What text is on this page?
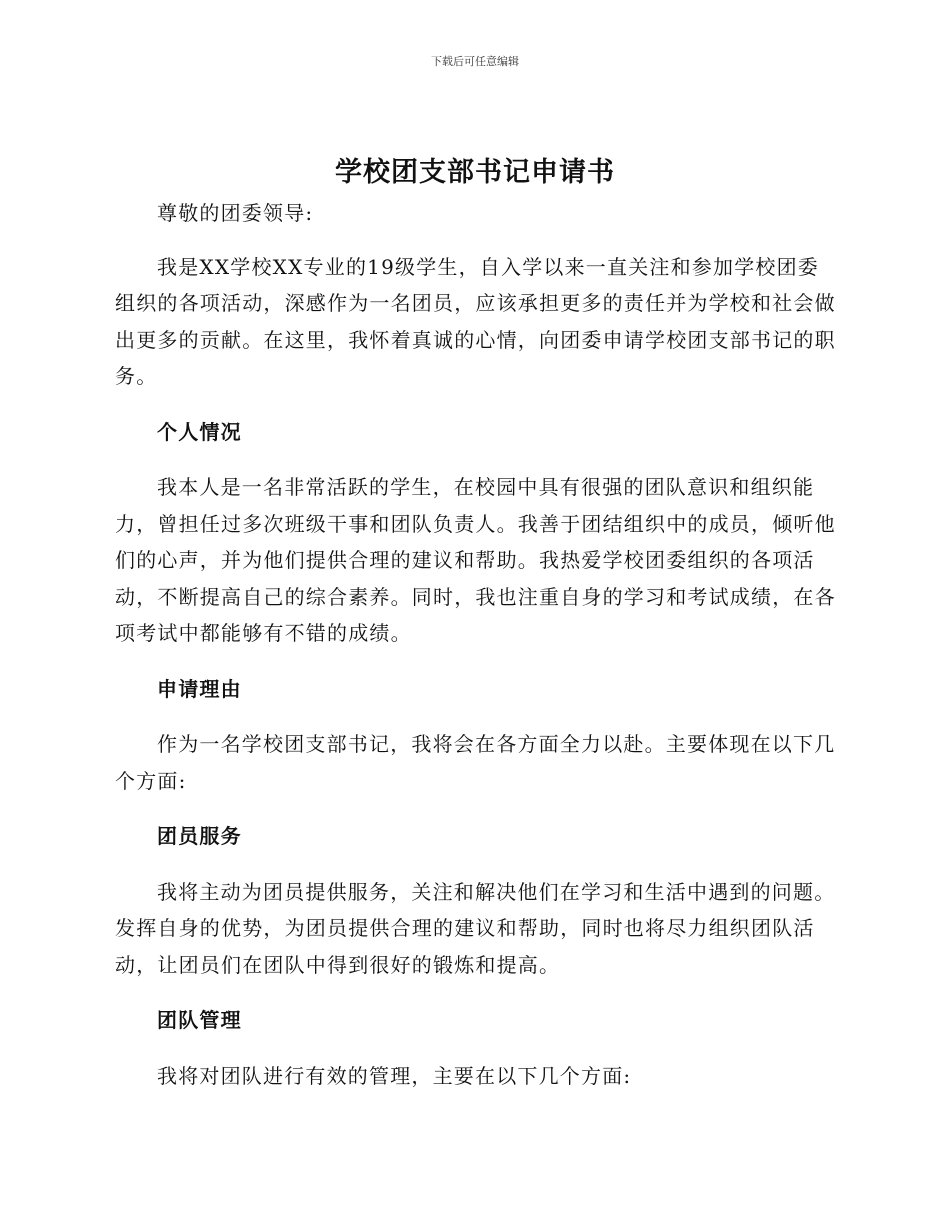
下载后可任意编辑
学校团支部书记申请书

尊敬的团委领导:

我是XX学校XX专业的19级学生，自入学以来一直关注和参加学校团委组织的各项活动，深感作为一名团员，应该承担更多的责任并为学校和社会做出更多的贡献。在这里，我怀着真诚的心情，向团委申请学校团支部书记的职务。

个人情况

我本人是一名非常活跃的学生，在校园中具有很强的团队意识和组织能力，曾担任过多次班级干事和团队负责人。我善于团结组织中的成员，倾听他们的心声，并为他们提供合理的建议和帮助。我热爱学校团委组织的各项活动，不断提高自己的综合素养。同时，我也注重自身的学习和考试成绩，在各项考试中都能够有不错的成绩。

申请理由

作为一名学校团支部书记，我将会在各方面全力以赴。主要体现在以下几个方面:

团员服务

我将主动为团员提供服务，关注和解决他们在学习和生活中遇到的问题。发挥自身的优势，为团员提供合理的建议和帮助，同时也将尽力组织团队活动，让团员们在团队中得到很好的锻炼和提高。

团队管理

我将对团队进行有效的管理，主要在以下几个方面:
